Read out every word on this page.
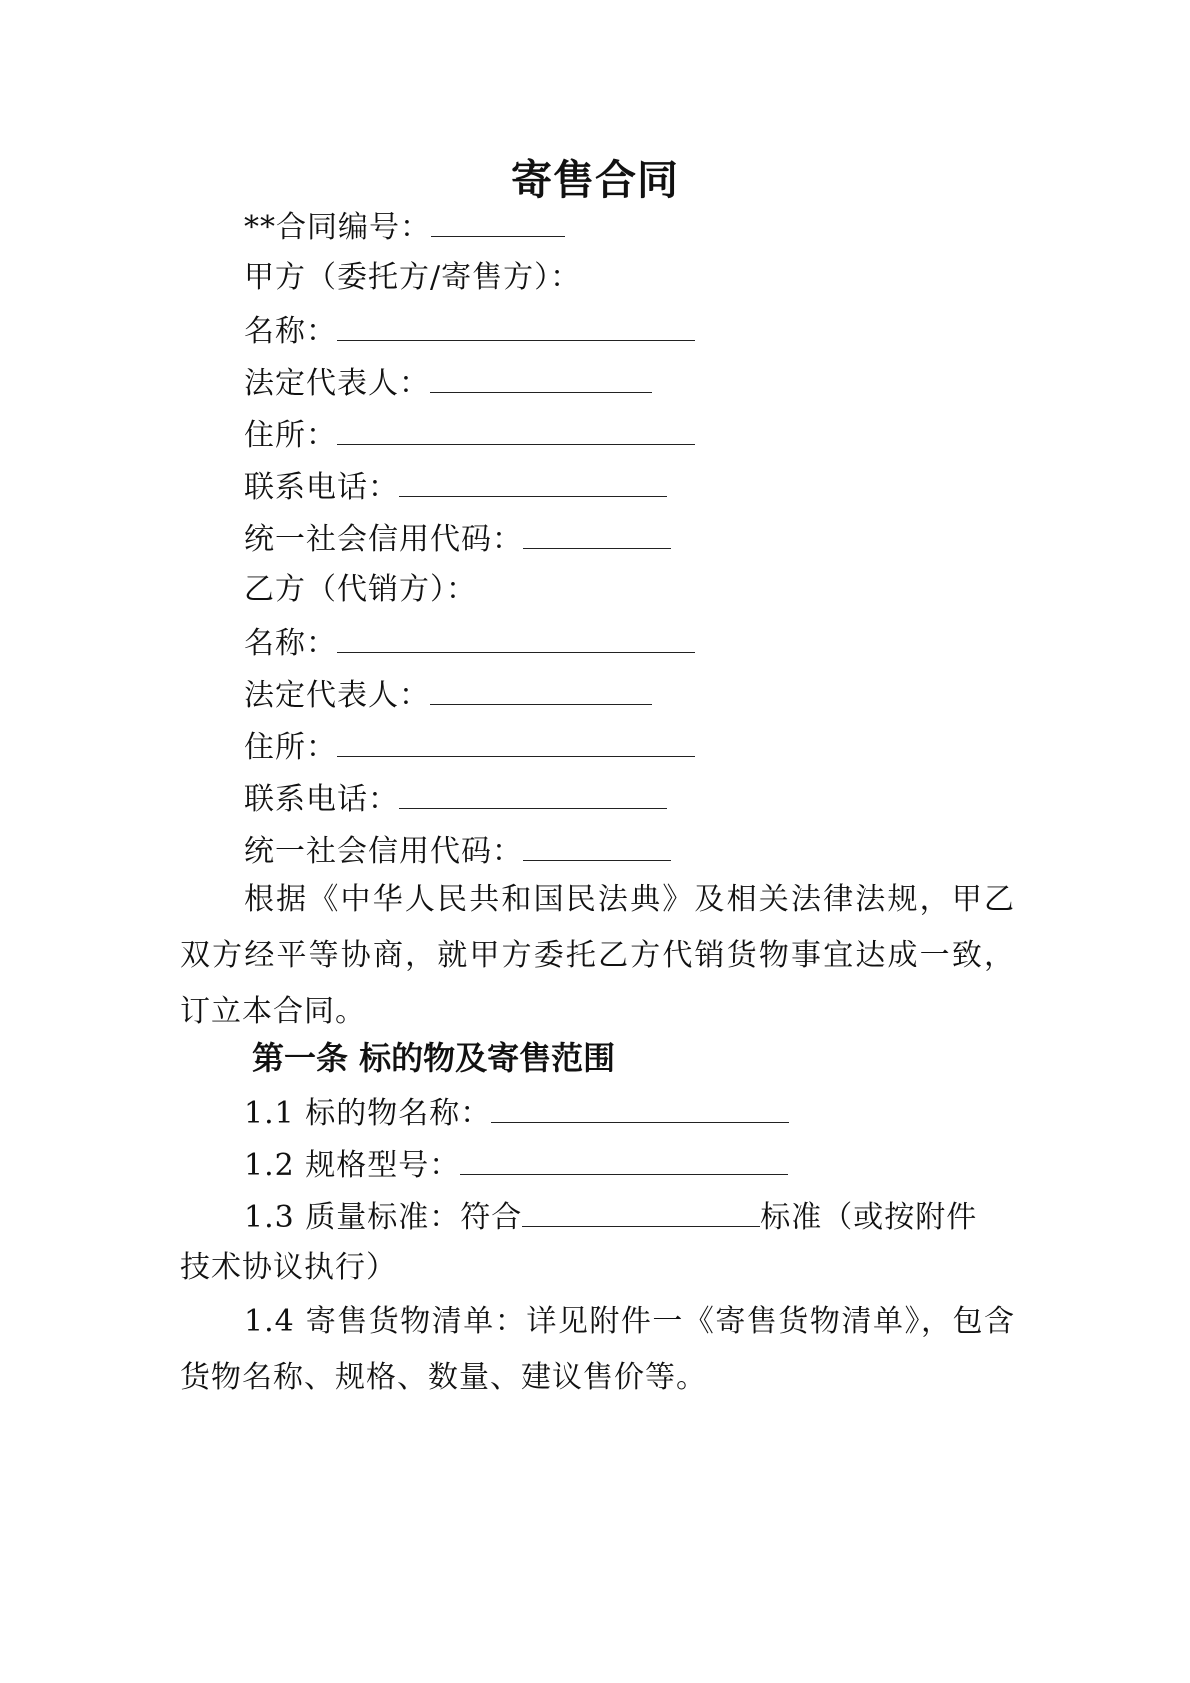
寄售合同
**合同编号：
甲方（委托方/寄售方）：
名称：
法定代表人：
住所：
联系电话：
统一社会信用代码：
乙方（代销方）：
名称：
法定代表人：
住所：
联系电话：
统一社会信用代码：
根据《中华人民共和国民法典》及相关法律法规，甲乙双方经平等协商，就甲方委托乙方代销货物事宜达成一致，订立本合同。
第一条 标的物及寄售范围
1.1 标的物名称：
1.2 规格型号：
1.3 质量标准：符合	标准（或按附件
技术协议执行）
1.4 寄售货物清单：详见附件一《寄售货物清单》，包含货物名称、规格、数量、建议售价等。
